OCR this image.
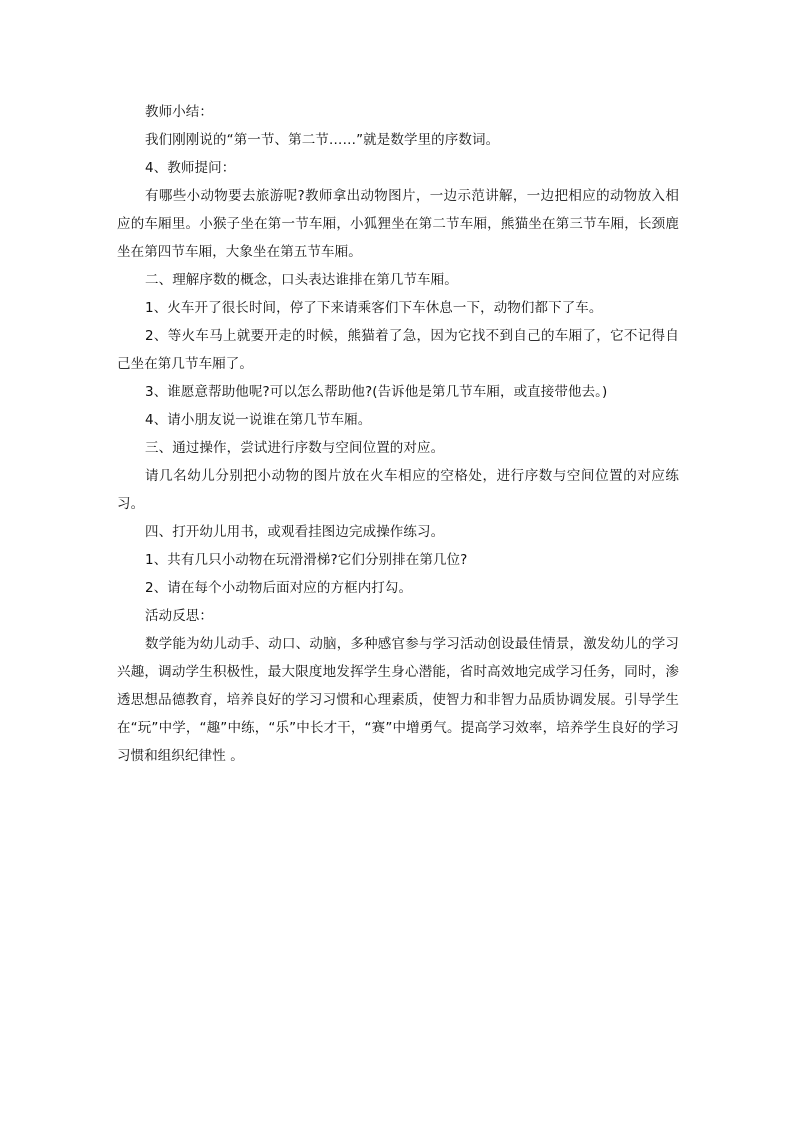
教师小结：

我们刚刚说的“第一节、第二节……”就是数学里的序数词。

4、教师提问：

有哪些小动物要去旅游呢?教师拿出动物图片，一边示范讲解，一边把相应的动物放入相应的车厢里。小猴子坐在第一节车厢，小狐狸坐在第二节车厢，熊猫坐在第三节车厢，长颈鹿坐在第四节车厢，大象坐在第五节车厢。

二、理解序数的概念，口头表达谁排在第几节车厢。

1、火车开了很长时间，停了下来请乘客们下车休息一下，动物们都下了车。

2、等火车马上就要开走的时候，熊猫着了急，因为它找不到自己的车厢了，它不记得自己坐在第几节车厢了。

3、谁愿意帮助他呢?可以怎么帮助他?(告诉他是第几节车厢，或直接带他去。)

4、请小朋友说一说谁在第几节车厢。

三、通过操作，尝试进行序数与空间位置的对应。

请几名幼儿分别把小动物的图片放在火车相应的空格处，进行序数与空间位置的对应练习。

四、打开幼儿用书，或观看挂图边完成操作练习。

1、共有几只小动物在玩滑滑梯?它们分别排在第几位?

2、请在每个小动物后面对应的方框内打勾。

活动反思：

数学能为幼儿动手、动口、动脑，多种感官参与学习活动创设最佳情景，激发幼儿的学习兴趣，调动学生积极性，最大限度地发挥学生身心潜能，省时高效地完成学习任务，同时，渗透思想品德教育，培养良好的学习习惯和心理素质，使智力和非智力品质协调发展。引导学生在“玩”中学，“趣”中练，“乐”中长才干，“赛”中增勇气。提高学习效率，培养学生良好的学习习惯和组织纪律性 。
